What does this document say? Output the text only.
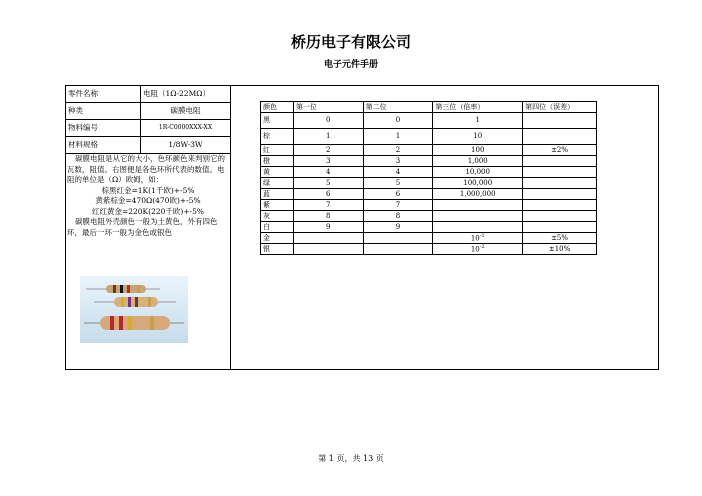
桥历电子有限公司
电子元件手册
零件名称	电阻（1Ω-22MΩ）
种类	碳膜电阻
物料编号	1R-C0000XXX-XX
材料规格	1/8W-3W

碳膜电阻是从它的大小，色环颜色来判别它的瓦数，阻值。右图便是各色环所代表的数值。电阻的单位是（Ω）欧姆，如：

棕黑红金=1K(1千欧)+-5%

黄紫棕金=470Ω(470欧)+-5%

红红黄金=220K(220千欧)+-5%

碳膜电阻外壳颜色一般为土黄色，外有四色环，最后一环一般为金色或银色

颜色	第一位	第二位	第三位（倍率）	第四位（误差）
黑	0	0	1	
棕	1	1	10	
红	2	2	100	±2%
橙	3	3	1,000	
黄	4	4	10,000	
绿	5	5	100,000	
蓝	6	6	1,000,000	
紫	7	7		
灰	8	8		
白	9	9		
金			$10^{-1}$	±5%
银			$10^{-2}$	±10%
第 1 页，共 13 页
